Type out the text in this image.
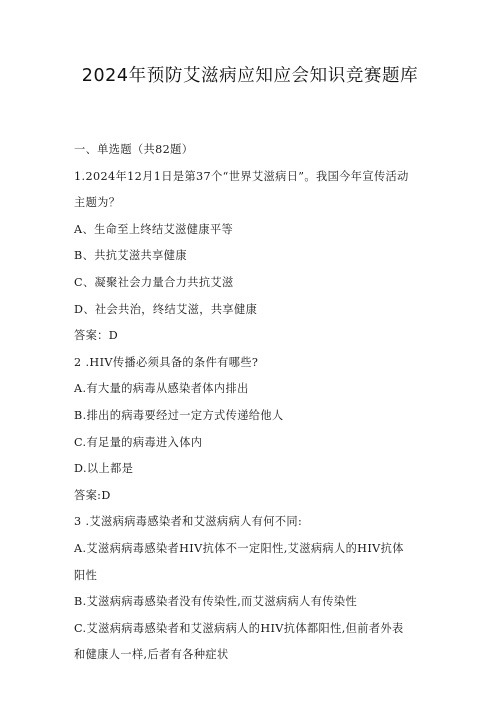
2024年预防艾滋病应知应会知识竞赛题库
一、单选题（共82题）
1.2024年12月1日是第37个“世界艾滋病日”。我国今年宣传活动
主题为？
A、生命至上终结艾滋健康平等
B、共抗艾滋共享健康
C、凝聚社会力量合力共抗艾滋
D、社会共治，终结艾滋，共享健康
答案：D
2 .HIV传播必须具备的条件有哪些?
A.有大量的病毒从感染者体内排出
B.排出的病毒要经过一定方式传递给他人
C.有足量的病毒进入体内
D.以上都是
答案:D
3 .艾滋病病毒感染者和艾滋病病人有何不同:
A.艾滋病病毒感染者HIV抗体不一定阳性,艾滋病病人的HIV抗体
阳性
B.艾滋病病毒感染者没有传染性,而艾滋病病人有传染性
C.艾滋病病毒感染者和艾滋病病人的HIV抗体都阳性,但前者外表
和健康人一样,后者有各种症状
